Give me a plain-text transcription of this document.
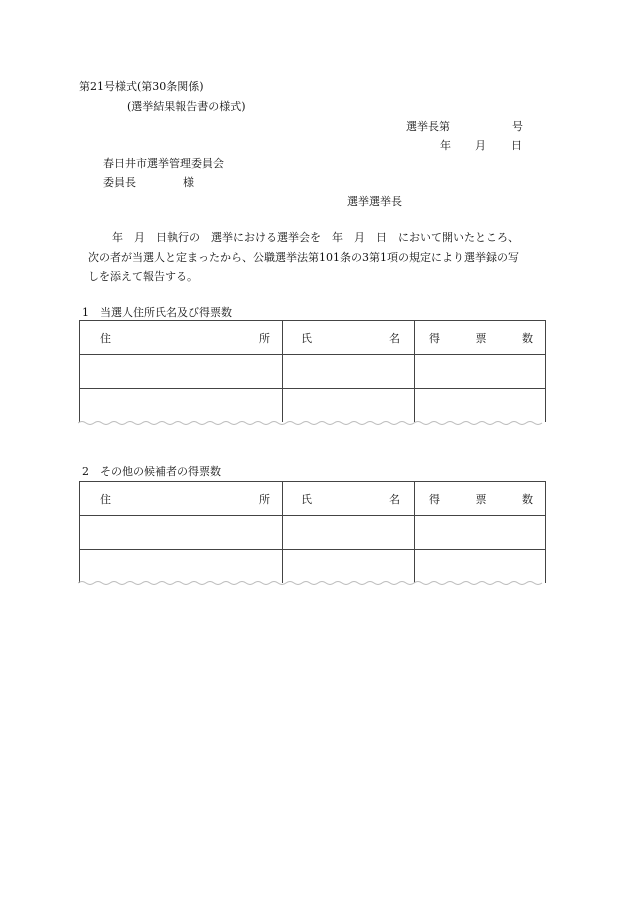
第21号様式(第30条関係)
(選挙結果報告書の様式)
選挙長第	号
年 月 日
春日井市選挙管理委員会
委員長	様
選挙選挙長
年　月　日執行の　選挙における選挙会を　年　月　日　において開いたところ、
次の者が当選人と定まったから、公職選挙法第101条の3第1項の規定により選挙録の写
しを添えて報告する。
1　当選人住所氏名及び得票数
住 所	氏 名	得 票 数

2　その他の候補者の得票数
住 所	氏 名	得 票 数
